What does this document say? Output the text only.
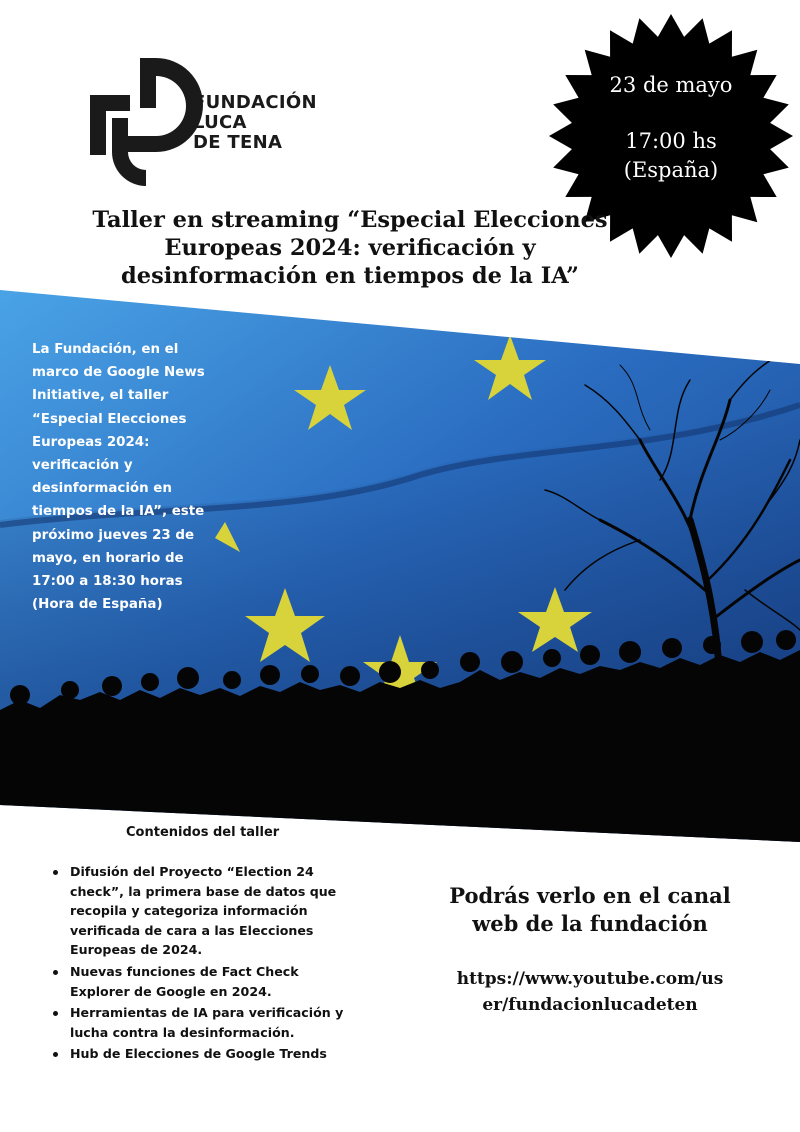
FUNDACIÓN
LUCA
DE TENA
23 de mayo
17:00 hs
(España)
Taller en streaming “Especial Elecciones
Europeas 2024: verificación y
desinformación en tiempos de la IA”
La Fundación, en el
marco de Google News
Initiative, el taller
“Especial Elecciones
Europeas 2024:
verificación y
desinformación en
tiempos de la IA”, este
próximo jueves 23 de
mayo, en horario de
17:00 a 18:30 horas
(Hora de España)
Contenidos del taller
Difusión del Proyecto “Election 24
check”, la primera base de datos que
recopila y categoriza información
verificada de cara a las Elecciones
Europeas de 2024.
Nuevas funciones de Fact Check
Explorer de Google en 2024.
Herramientas de IA para verificación y
lucha contra la desinformación.
Hub de Elecciones de Google Trends
Podrás verlo en el canal
web de la fundación
https://www.youtube.com/us
er/fundacionlucadeten
